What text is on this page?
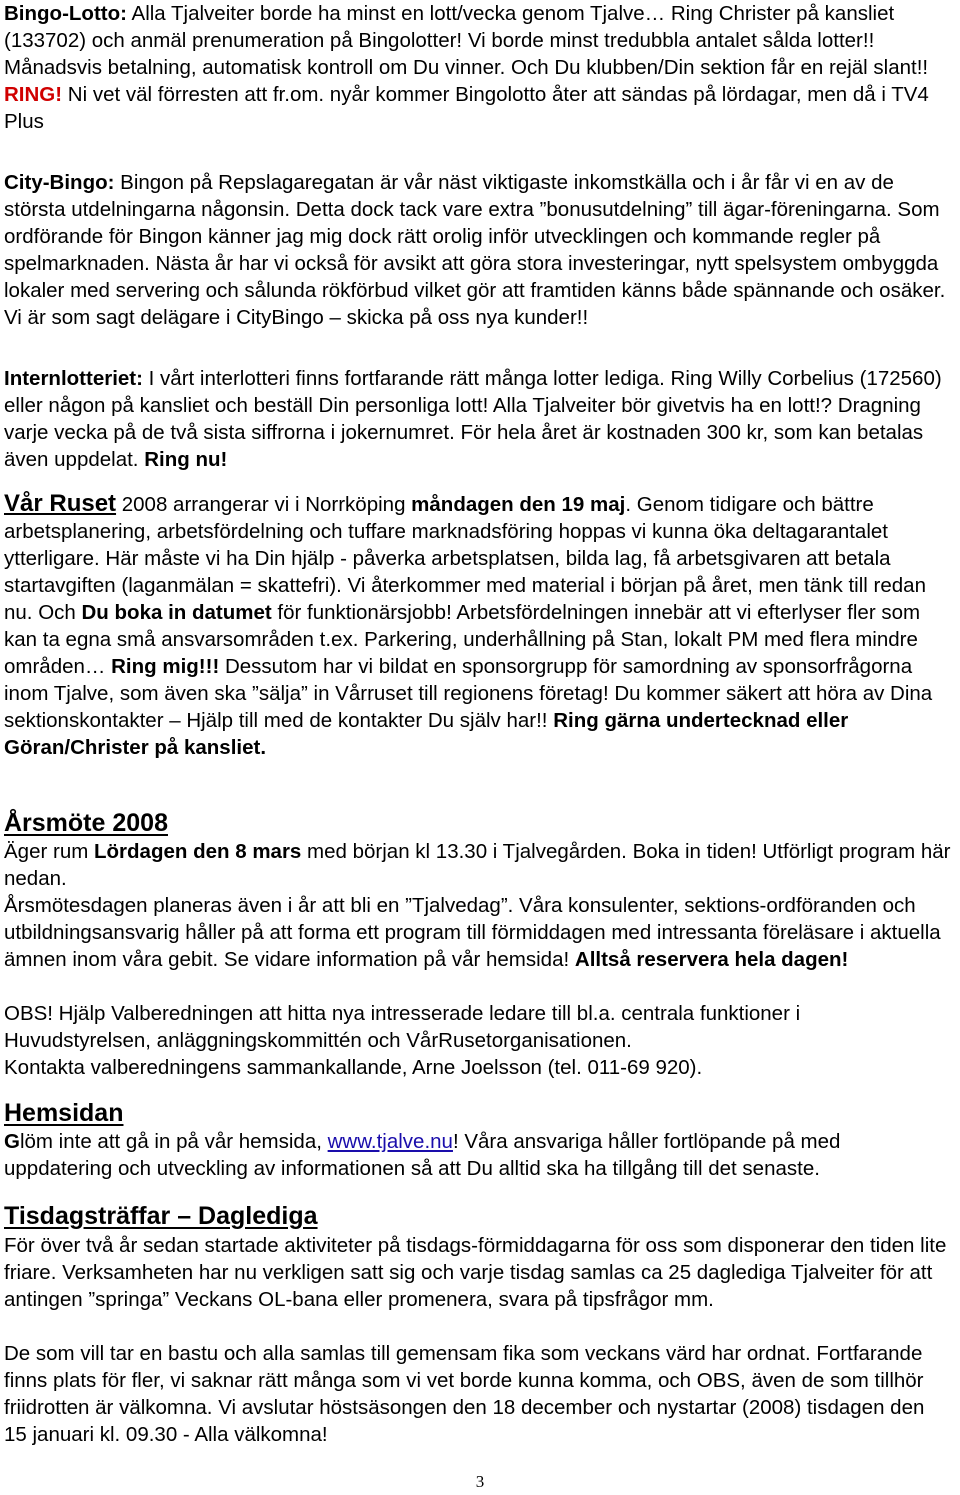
Bingo-Lotto: Alla Tjalveiter borde ha minst en lott/vecka genom Tjalve… Ring Christer på kansliet (133702) och anmäl prenumeration på Bingolotter! Vi borde minst tredubbla antalet sålda lotter!! Månadsvis betalning, automatisk kontroll om Du vinner. Och Du klubben/Din sektion får en rejäl slant!! RING! Ni vet väl förresten att fr.om. nyår kommer Bingolotto åter att sändas på lördagar, men då i TV4 Plus
City-Bingo: Bingon på Repslagaregatan är vår näst viktigaste inkomstkälla och i år får vi en av de största utdelningarna någonsin. Detta dock tack vare extra ”bonusutdelning” till ägar-föreningarna. Som ordförande för Bingon känner jag mig dock rätt orolig inför utvecklingen och kommande regler på spelmarknaden. Nästa år har vi också för avsikt att göra stora investeringar, nytt spelsystem ombyggda lokaler med servering och sålunda rökförbud vilket gör att framtiden känns både spännande och osäker. Vi är som sagt delägare i CityBingo – skicka på oss nya kunder!!
Internlotteriet: I vårt interlotteri finns fortfarande rätt många lotter lediga. Ring Willy Corbelius (172560) eller någon på kansliet och beställ Din personliga lott! Alla Tjalveiter bör givetvis ha en lott!? Dragning varje vecka på de två sista siffrorna i jokernumret. För hela året är kostnaden 300 kr, som kan betalas även uppdelat. Ring nu!
Vår Ruset 2008 arrangerar vi i Norrköping måndagen den 19 maj. Genom tidigare och bättre arbetsplanering, arbetsfördelning och tuffare marknadsföring hoppas vi kunna öka deltagarantalet ytterligare. Här måste vi ha Din hjälp - påverka arbetsplatsen, bilda lag, få arbetsgivaren att betala startavgiften (laganmälan = skattefri). Vi återkommer med material i början på året, men tänk till redan nu. Och Du boka in datumet för funktionärsjobb! Arbetsfördelningen innebär att vi efterlyser fler som kan ta egna små ansvarsområden t.ex. Parkering, underhållning på Stan, lokalt PM med flera mindre områden… Ring mig!!! Dessutom har vi bildat en sponsorgrupp för samordning av sponsorfrågorna inom Tjalve, som även ska ”sälja” in Vårruset till regionens företag! Du kommer säkert att höra av Dina sektionskontakter – Hjälp till med de kontakter Du själv har!! Ring gärna undertecknad eller Göran/Christer på kansliet.
Årsmöte 2008
Äger rum Lördagen den 8 mars med början kl 13.30 i Tjalvegården. Boka in tiden! Utförligt program här nedan.
Årsmötesdagen planeras även i år att bli en ”Tjalvedag”. Våra konsulenter, sektions-ordföranden och utbildningsansvarig håller på att forma ett program till förmiddagen med intressanta föreläsare i aktuella ämnen inom våra gebit. Se vidare information på vår hemsida! Alltså reservera hela dagen!
OBS! Hjälp Valberedningen att hitta nya intresserade ledare till bl.a. centrala funktioner i Huvudstyrelsen, anläggningskommittén och VårRusetorganisationen.
Kontakta valberedningens sammankallande, Arne Joelsson (tel. 011-69 920).
Hemsidan
Glöm inte att gå in på vår hemsida, www.tjalve.nu! Våra ansvariga håller fortlöpande på med uppdatering och utveckling av informationen så att Du alltid ska ha tillgång till det senaste.
Tisdagsträffar – Daglediga
För över två år sedan startade aktiviteter på tisdags-förmiddagarna för oss som disponerar den tiden lite friare. Verksamheten har nu verkligen satt sig och varje tisdag samlas ca 25 daglediga Tjalveiter för att antingen ”springa” Veckans OL-bana eller promenera, svara på tipsfrågor mm.
De som vill tar en bastu och alla samlas till gemensam fika som veckans värd har ordnat. Fortfarande finns plats för fler, vi saknar rätt många som vi vet borde kunna komma, och OBS, även de som tillhör friidrotten är välkomna. Vi avslutar höstsäsongen den 18 december och nystartar (2008) tisdagen den 15 januari kl. 09.30 - Alla välkomna!
3
